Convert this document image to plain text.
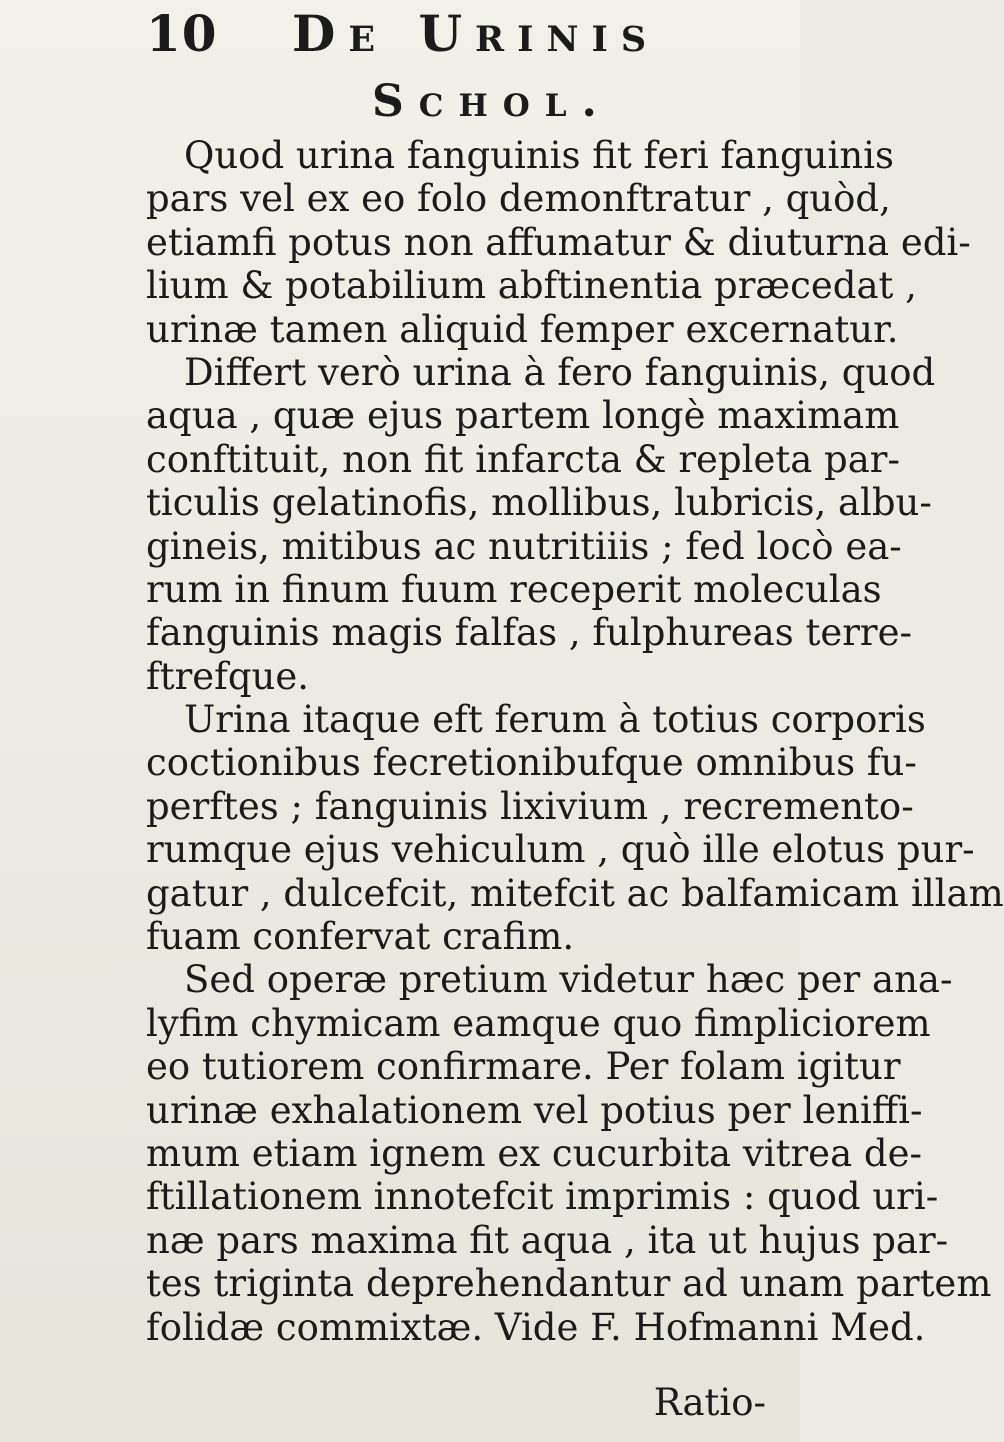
10 De Urinis
Schol.
Quod urina fanguinis fit feri fanguinis
pars vel ex eo folo demonftratur , quòd,
etiamfi potus non affumatur & diuturna edi-
lium & potabilium abftinentia præcedat ,
urinæ tamen aliquid femper excernatur.
Differt verò urina à fero fanguinis, quod
aqua , quæ ejus partem longè maximam
conftituit, non fit infarcta & repleta par-
ticulis gelatinofis, mollibus, lubricis, albu-
gineis, mitibus ac nutritiiis ; fed locò ea-
rum in finum fuum receperit moleculas
fanguinis magis falfas , fulphureas terre-
ftrefque.
Urina itaque eft ferum à totius corporis
coctionibus fecretionibufque omnibus fu-
perftes ; fanguinis lixivium , recremento-
rumque ejus vehiculum , quò ille elotus pur-
gatur , dulcefcit, mitefcit ac balfamicam illam
fuam confervat crafim.
Sed operæ pretium videtur hæc per ana-
lyfim chymicam eamque quo fimpliciorem
eo tutiorem confirmare. Per folam igitur
urinæ exhalationem vel potius per leniffi-
mum etiam ignem ex cucurbita vitrea de-
ftillationem innotefcit imprimis : quod uri-
næ pars maxima fit aqua , ita ut hujus par-
tes triginta deprehendantur ad unam partem
folidæ commixtæ. Vide F. Hofmanni Med.
Ratio-
